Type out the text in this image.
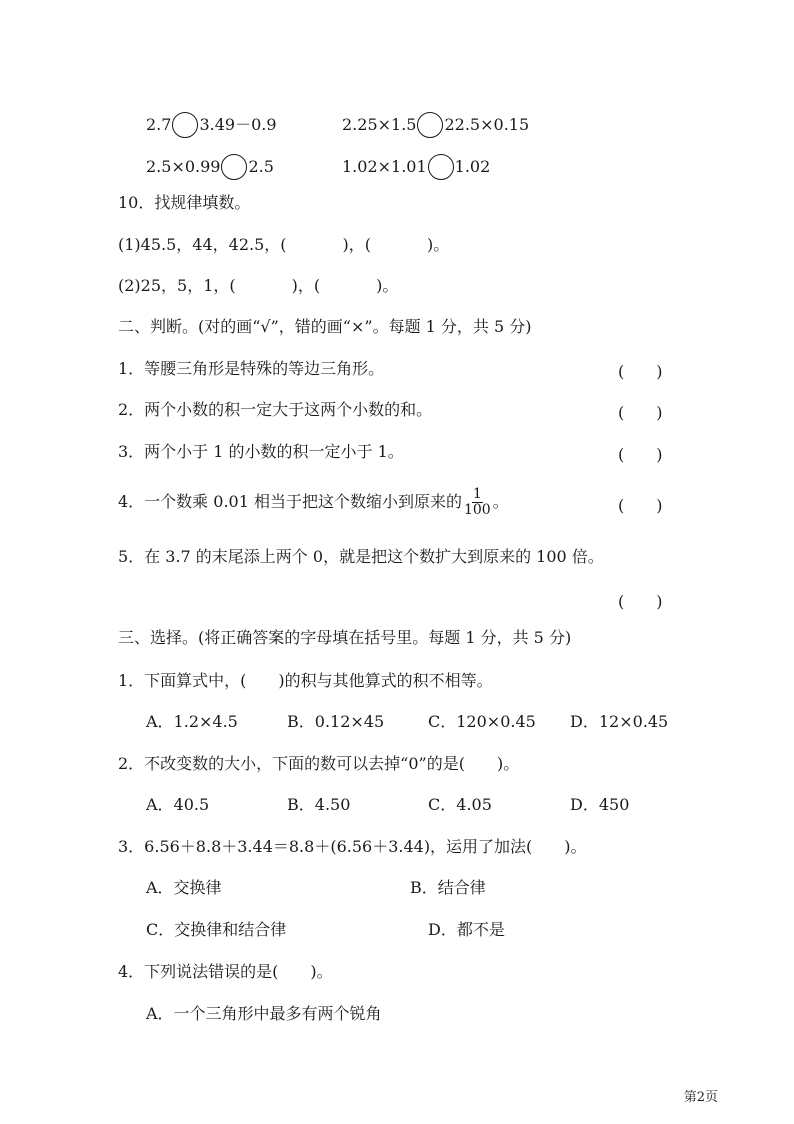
2.7 3.49－0.9	2.25×1.5 22.5×0.15
2.5×0.99 2.5	1.02×1.01 1.02
10．找规律填数。
(1)45.5，44，42.5，(	)，(	)。
(2)25，5，1，(	)，(	)。
二、判断。(对的画“√”，错的画“×”。每题 1 分，共 5 分)
1．等腰三角形是特殊的等边三角形。	(　　)
2．两个小数的积一定大于这两个小数的和。	(　　)
3．两个小于 1 的小数的积一定小于 1。	(　　)
4．一个数乘 0.01 相当于把这个数缩小到原来的 $\frac{1}{100}$ 。	(　　)
5．在 3.7 的末尾添上两个 0，就是把这个数扩大到原来的 100 倍。
(　　)
三、选择。(将正确答案的字母填在括号里。每题 1 分，共 5 分)
1．下面算式中，(　　)的积与其他算式的积不相等。
A．1.2×4.5	B．0.12×45	C．120×0.45 D．12×0.45
2．不改变数的大小，下面的数可以去掉“0”的是(　　)。
A．40.5	B．4.50	C．4.05	D．450
3．6.56＋8.8＋3.44＝8.8＋(6.56＋3.44)，运用了加法(　　)。
A．交换律	B．结合律
C．交换律和结合律	D．都不是
4．下列说法错误的是(　　)。
A．一个三角形中最多有两个锐角
第2页
